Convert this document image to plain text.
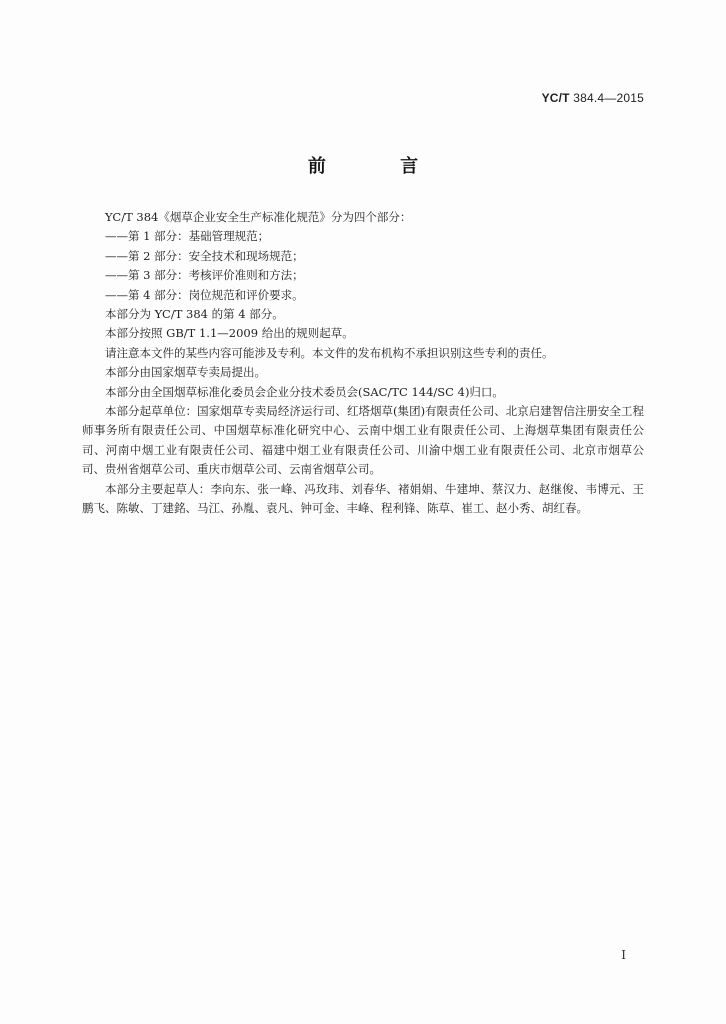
YC/T 384.4—2015
前 言

YC/T 384《烟草企业安全生产标准化规范》分为四个部分：

——第 1 部分：基础管理规范；

——第 2 部分：安全技术和现场规范；

——第 3 部分：考核评价准则和方法；

——第 4 部分：岗位规范和评价要求。

本部分为 YC/T 384 的第 4 部分。

本部分按照 GB/T 1.1—2009 给出的规则起草。

请注意本文件的某些内容可能涉及专利。本文件的发布机构不承担识别这些专利的责任。

本部分由国家烟草专卖局提出。

本部分由全国烟草标准化委员会企业分技术委员会(SAC/TC 144/SC 4)归口。

本部分起草单位：国家烟草专卖局经济运行司、红塔烟草(集团)有限责任公司、北京启建智信注册安全工程师事务所有限责任公司、中国烟草标准化研究中心、云南中烟工业有限责任公司、上海烟草集团有限责任公司、河南中烟工业有限责任公司、福建中烟工业有限责任公司、川渝中烟工业有限责任公司、北京市烟草公司、贵州省烟草公司、重庆市烟草公司、云南省烟草公司。

本部分主要起草人：李向东、张一峰、冯玫玮、刘春华、褚娟娟、牛建坤、蔡汉力、赵继俊、韦博元、王鹏飞、陈敏、丁建銘、马江、孙胤、袁凡、钟可金、丰峰、程利锋、陈草、崔工、赵小秀、胡红春。

I
